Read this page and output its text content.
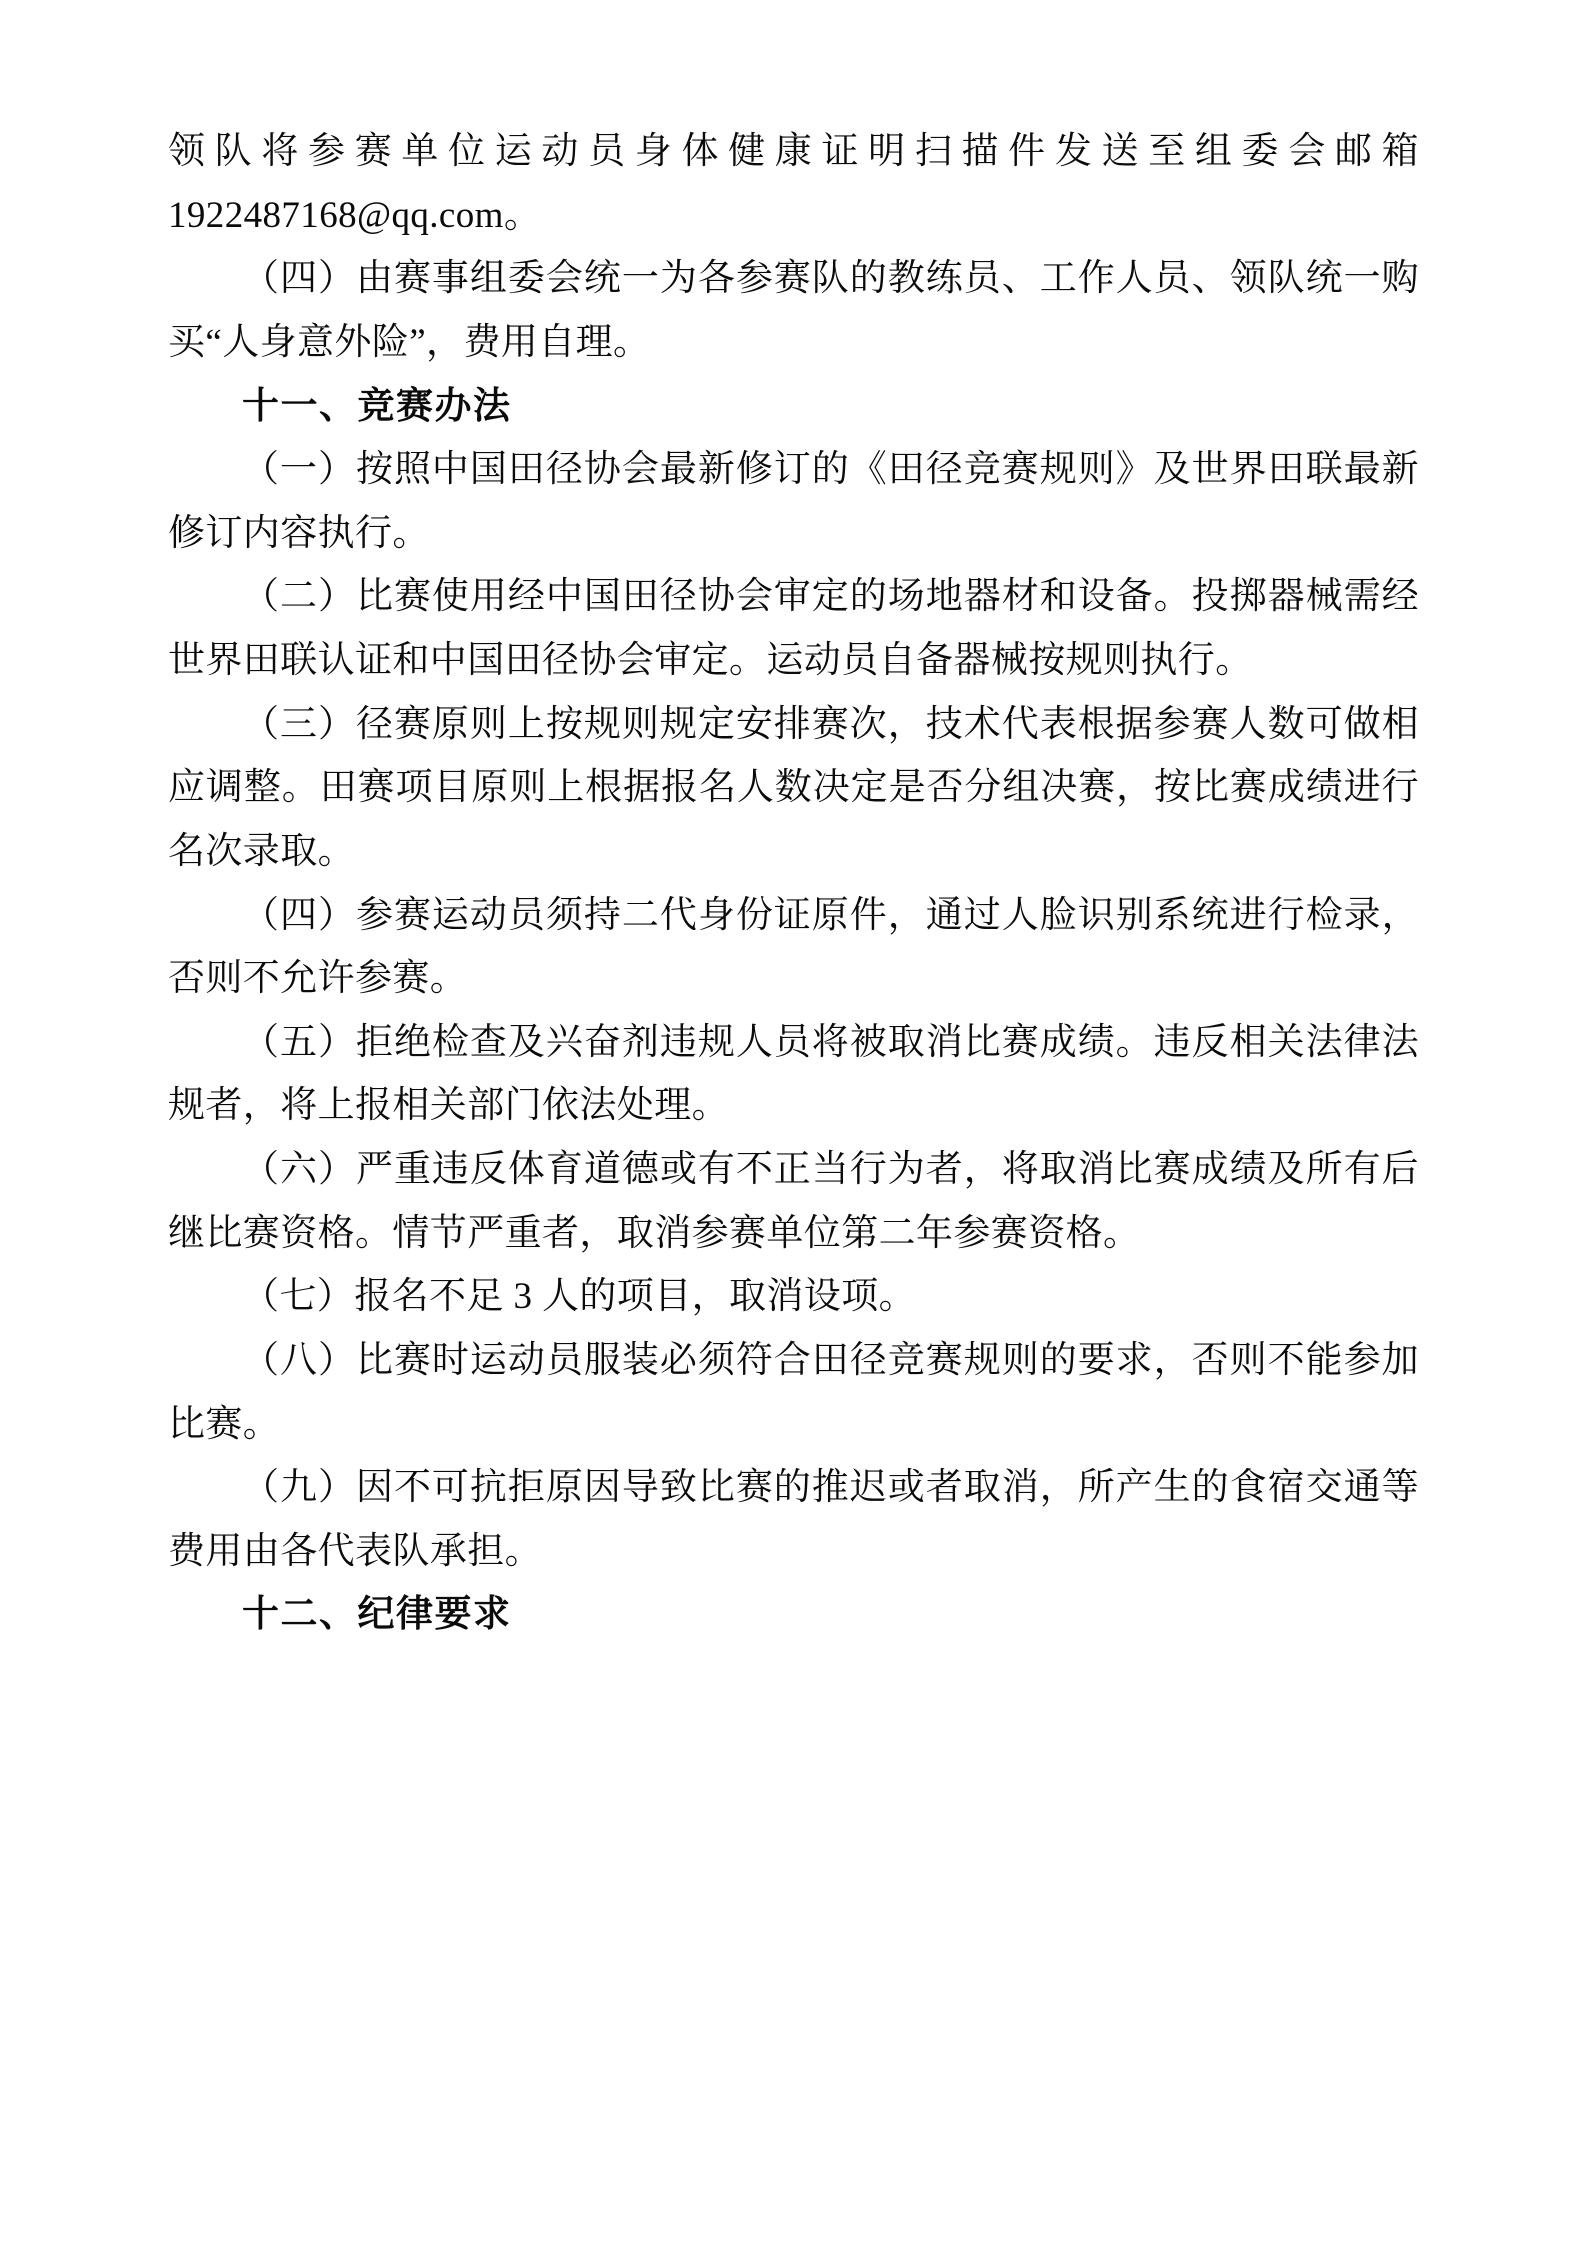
领队将参赛单位运动员身体健康证明扫描件发送至组委会邮箱1922487168@qq.com。

（四）由赛事组委会统一为各参赛队的教练员、工作人员、领队统一购买“人身意外险”，费用自理。

十一、竞赛办法

（一）按照中国田径协会最新修订的《田径竞赛规则》及世界田联最新修订内容执行。

（二）比赛使用经中国田径协会审定的场地器材和设备。投掷器械需经世界田联认证和中国田径协会审定。运动员自备器械按规则执行。

（三）径赛原则上按规则规定安排赛次，技术代表根据参赛人数可做相应调整。田赛项目原则上根据报名人数决定是否分组决赛，按比赛成绩进行名次录取。

（四）参赛运动员须持二代身份证原件，通过人脸识别系统进行检录，否则不允许参赛。

（五）拒绝检查及兴奋剂违规人员将被取消比赛成绩。违反相关法律法规者，将上报相关部门依法处理。

（六）严重违反体育道德或有不正当行为者，将取消比赛成绩及所有后继比赛资格。情节严重者，取消参赛单位第二年参赛资格。

（七）报名不足 3 人的项目，取消设项。

（八）比赛时运动员服装必须符合田径竞赛规则的要求，否则不能参加比赛。

（九）因不可抗拒原因导致比赛的推迟或者取消，所产生的食宿交通等费用由各代表队承担。

十二、纪律要求
